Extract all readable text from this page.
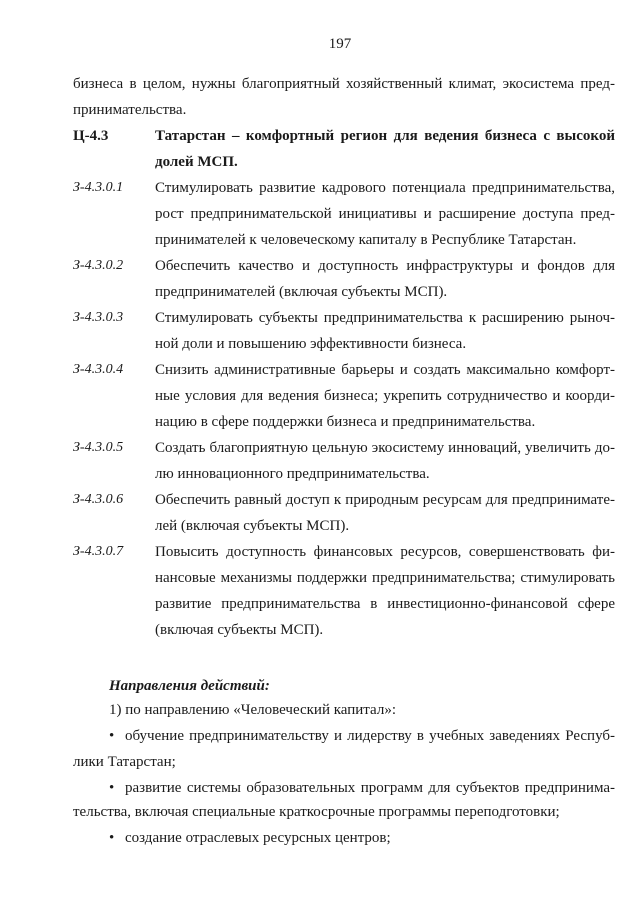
197
бизнеса в целом, нужны благоприятный хозяйственный климат, экосистема пред-
принимательства.
Ц-4.3	Татарстан – комфортный регион для ведения бизнеса с высокой
долей МСП.
З-4.3.0.1 Стимулировать развитие кадрового потенциала предпринимательства,
рост предпринимательской инициативы и расширение доступа пред-
принимателей к человеческому капиталу в Республике Татарстан.
З-4.3.0.2 Обеспечить качество и доступность инфраструктуры и фондов для
предпринимателей (включая субъекты МСП).
З-4.3.0.3 Стимулировать субъекты предпринимательства к расширению рыноч-
ной доли и повышению эффективности бизнеса.
З-4.3.0.4 Снизить административные барьеры и создать максимально комфорт-
ные условия для ведения бизнеса; укрепить сотрудничество и коорди-
нацию в сфере поддержки бизнеса и предпринимательства.
З-4.3.0.5 Создать благоприятную цельную экосистему инноваций, увеличить до-
лю инновационного предпринимательства.
З-4.3.0.6 Обеспечить равный доступ к природным ресурсам для предпринимате-
лей (включая субъекты МСП).
З-4.3.0.7 Повысить доступность финансовых ресурсов, совершенствовать фи-
нансовые механизмы поддержки предпринимательства; стимулировать
развитие предпринимательства в инвестиционно-финансовой сфере
(включая субъекты МСП).
Направления действий:
1) по направлению «Человеческий капитал»:
• обучение предпринимательству и лидерству в учебных заведениях Респуб-
лики Татарстан;
• развитие системы образовательных программ для субъектов предпринима-
тельства, включая специальные краткосрочные программы переподготовки;
• создание отраслевых ресурсных центров;
